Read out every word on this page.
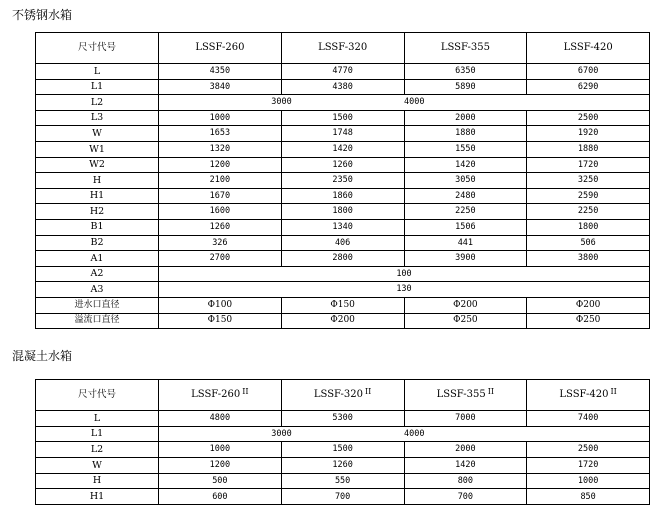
不锈钢水箱
尺寸代号	LSSF-260	LSSF-320	LSSF-355	LSSF-420
L	4350	4770	6350	6700
L1	3840	4380	5890	6290
L2	3000		4000	
L3	1000	1500	2000	2500
W	1653	1748	1880	1920
W1	1320	1420	1550	1880
W2	1200	1260	1420	1720
H	2100	2350	3050	3250
H1	1670	1860	2480	2590
H2	1600	1800	2250	2250
B1	1260	1340	1506	1800
B2	326	406	441	506
A1	2700	2800	3900	3800
A2	100			
A3	130			
进水口直径	Φ100	Φ150	Φ200	Φ200
溢流口直径	Φ150	Φ200	Φ250	Φ250
混凝土水箱
尺寸代号	LSSF-260 $^{II}$	LSSF-320 $^{II}$	LSSF-355 $^{II}$	LSSF-420 $^{II}$
L	4800	5300	7000	7400
L1	3000		4000	
L2	1000	1500	2000	2500
W	1200	1260	1420	1720
H	500	550	800	1000
H1	600	700	700	850
